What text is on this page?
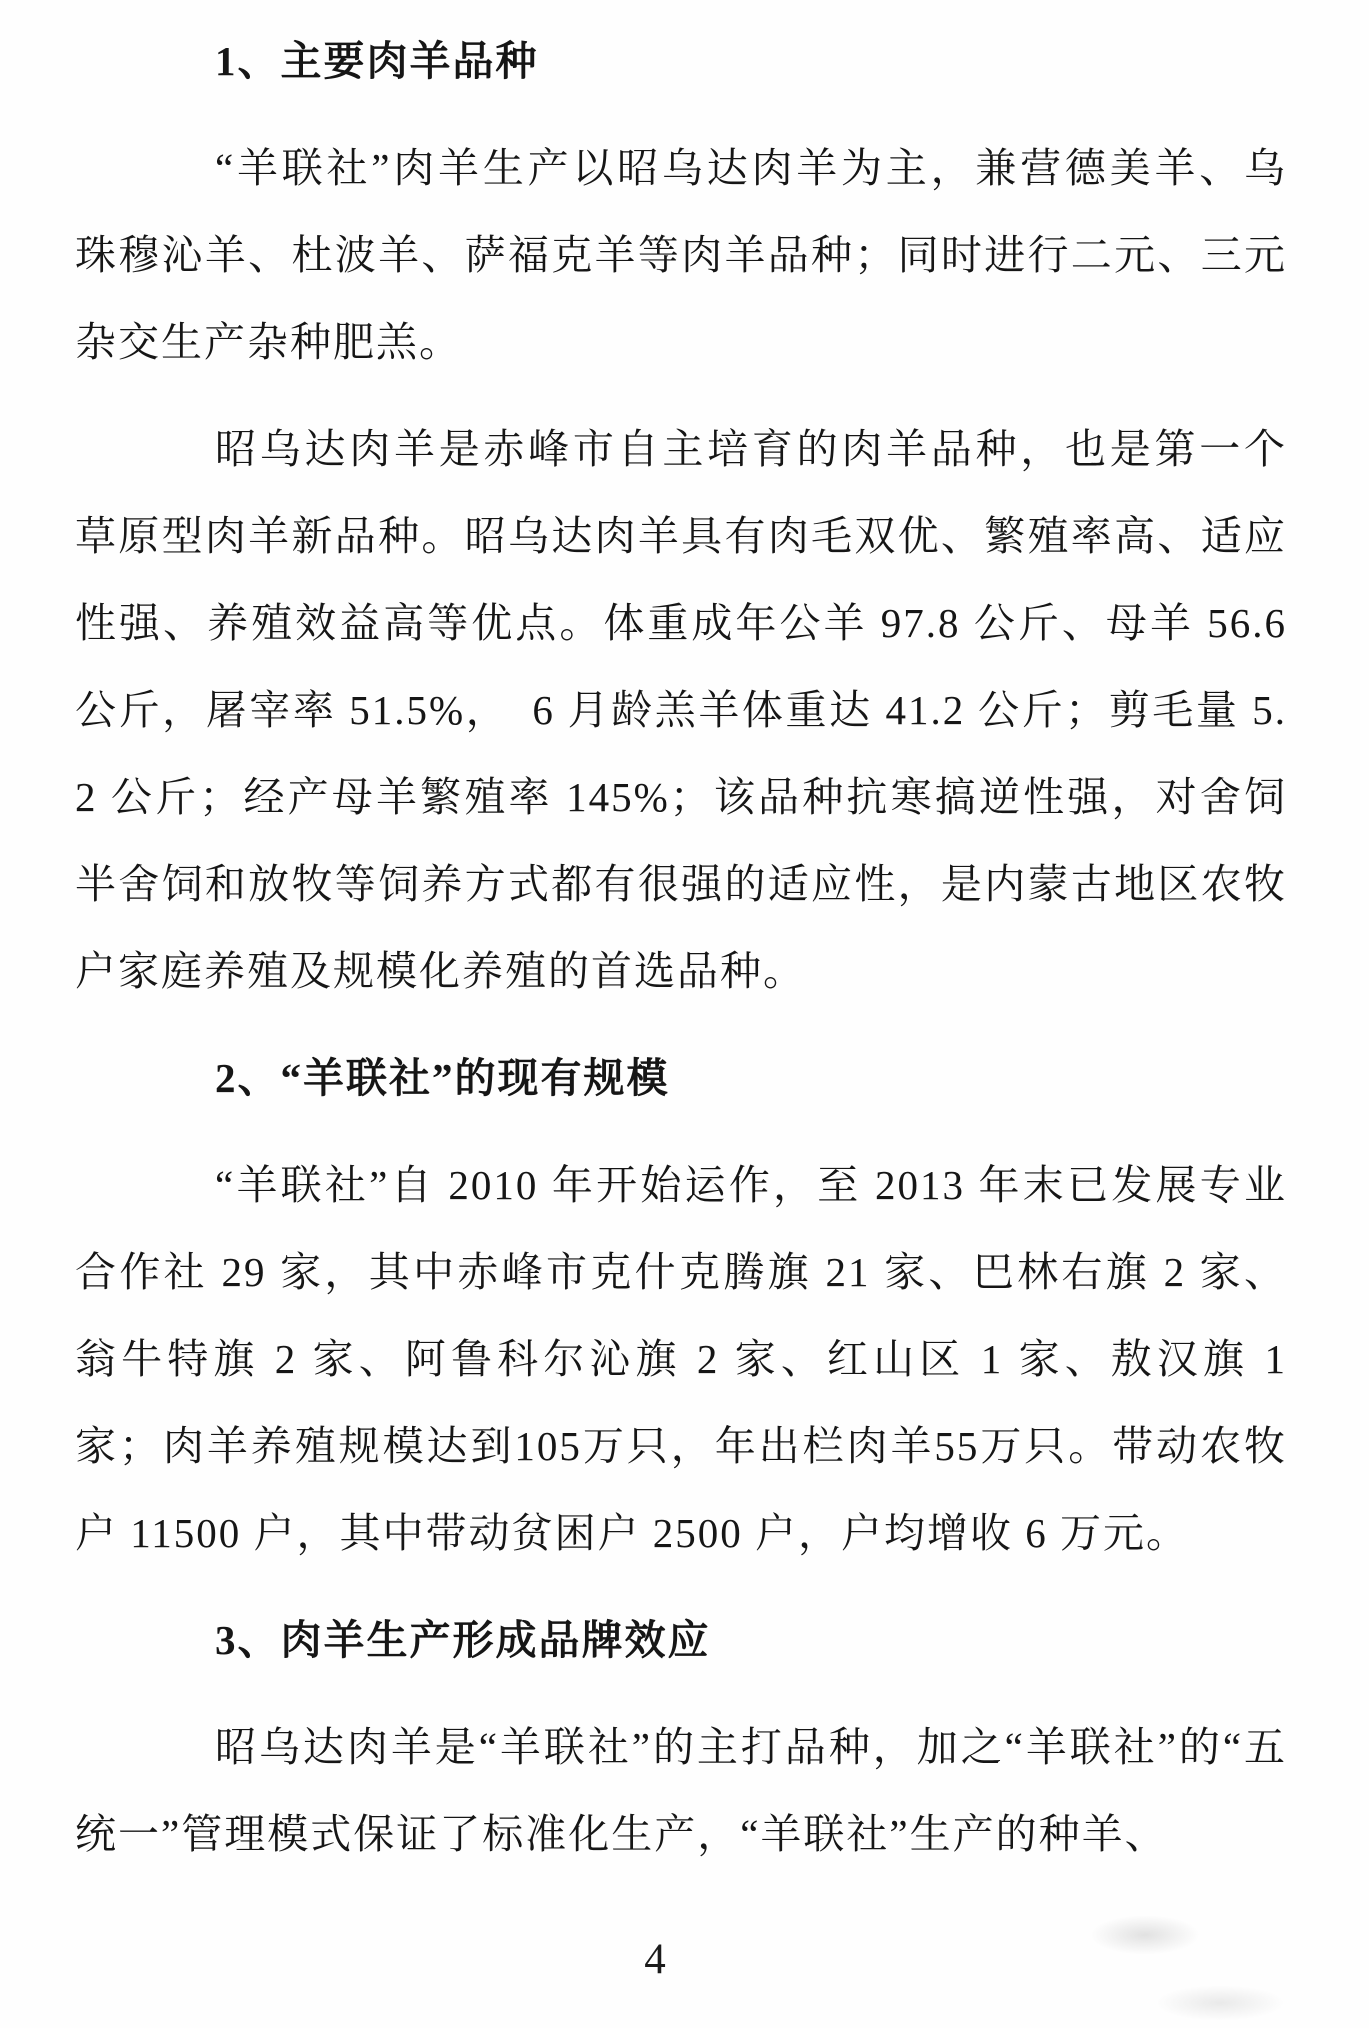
1、主要肉羊品种

“羊联社”肉羊生产以昭乌达肉羊为主，兼营德美羊、乌珠穆沁羊、杜波羊、萨福克羊等肉羊品种；同时进行二元、三元杂交生产杂种肥羔。

昭乌达肉羊是赤峰市自主培育的肉羊品种，也是第一个草原型肉羊新品种。昭乌达肉羊具有肉毛双优、繁殖率高、适应性强、养殖效益高等优点。体重成年公羊 97.8 公斤、母羊 56.6 公斤，屠宰率 51.5%，　6 月龄羔羊体重达 41.2 公斤；剪毛量 5.2 公斤；经产母羊繁殖率 145%；该品种抗寒搞逆性强，对舍饲半舍饲和放牧等饲养方式都有很强的适应性，是内蒙古地区农牧户家庭养殖及规模化养殖的首选品种。

2、“羊联社”的现有规模

“羊联社”自 2010 年开始运作，至 2013 年末已发展专业合作社 29 家，其中赤峰市克什克腾旗 21 家、巴林右旗 2 家、翁牛特旗 2 家、阿鲁科尔沁旗 2 家、红山区 1 家、敖汉旗 1 家；肉羊养殖规模达到105万只，年出栏肉羊55万只。带动农牧户 11500 户，其中带动贫困户 2500 户，户均增收 6 万元。

3、肉羊生产形成品牌效应

昭乌达肉羊是“羊联社”的主打品种，加之“羊联社”的“五统一”管理模式保证了标准化生产，“羊联社”生产的种羊、

4
